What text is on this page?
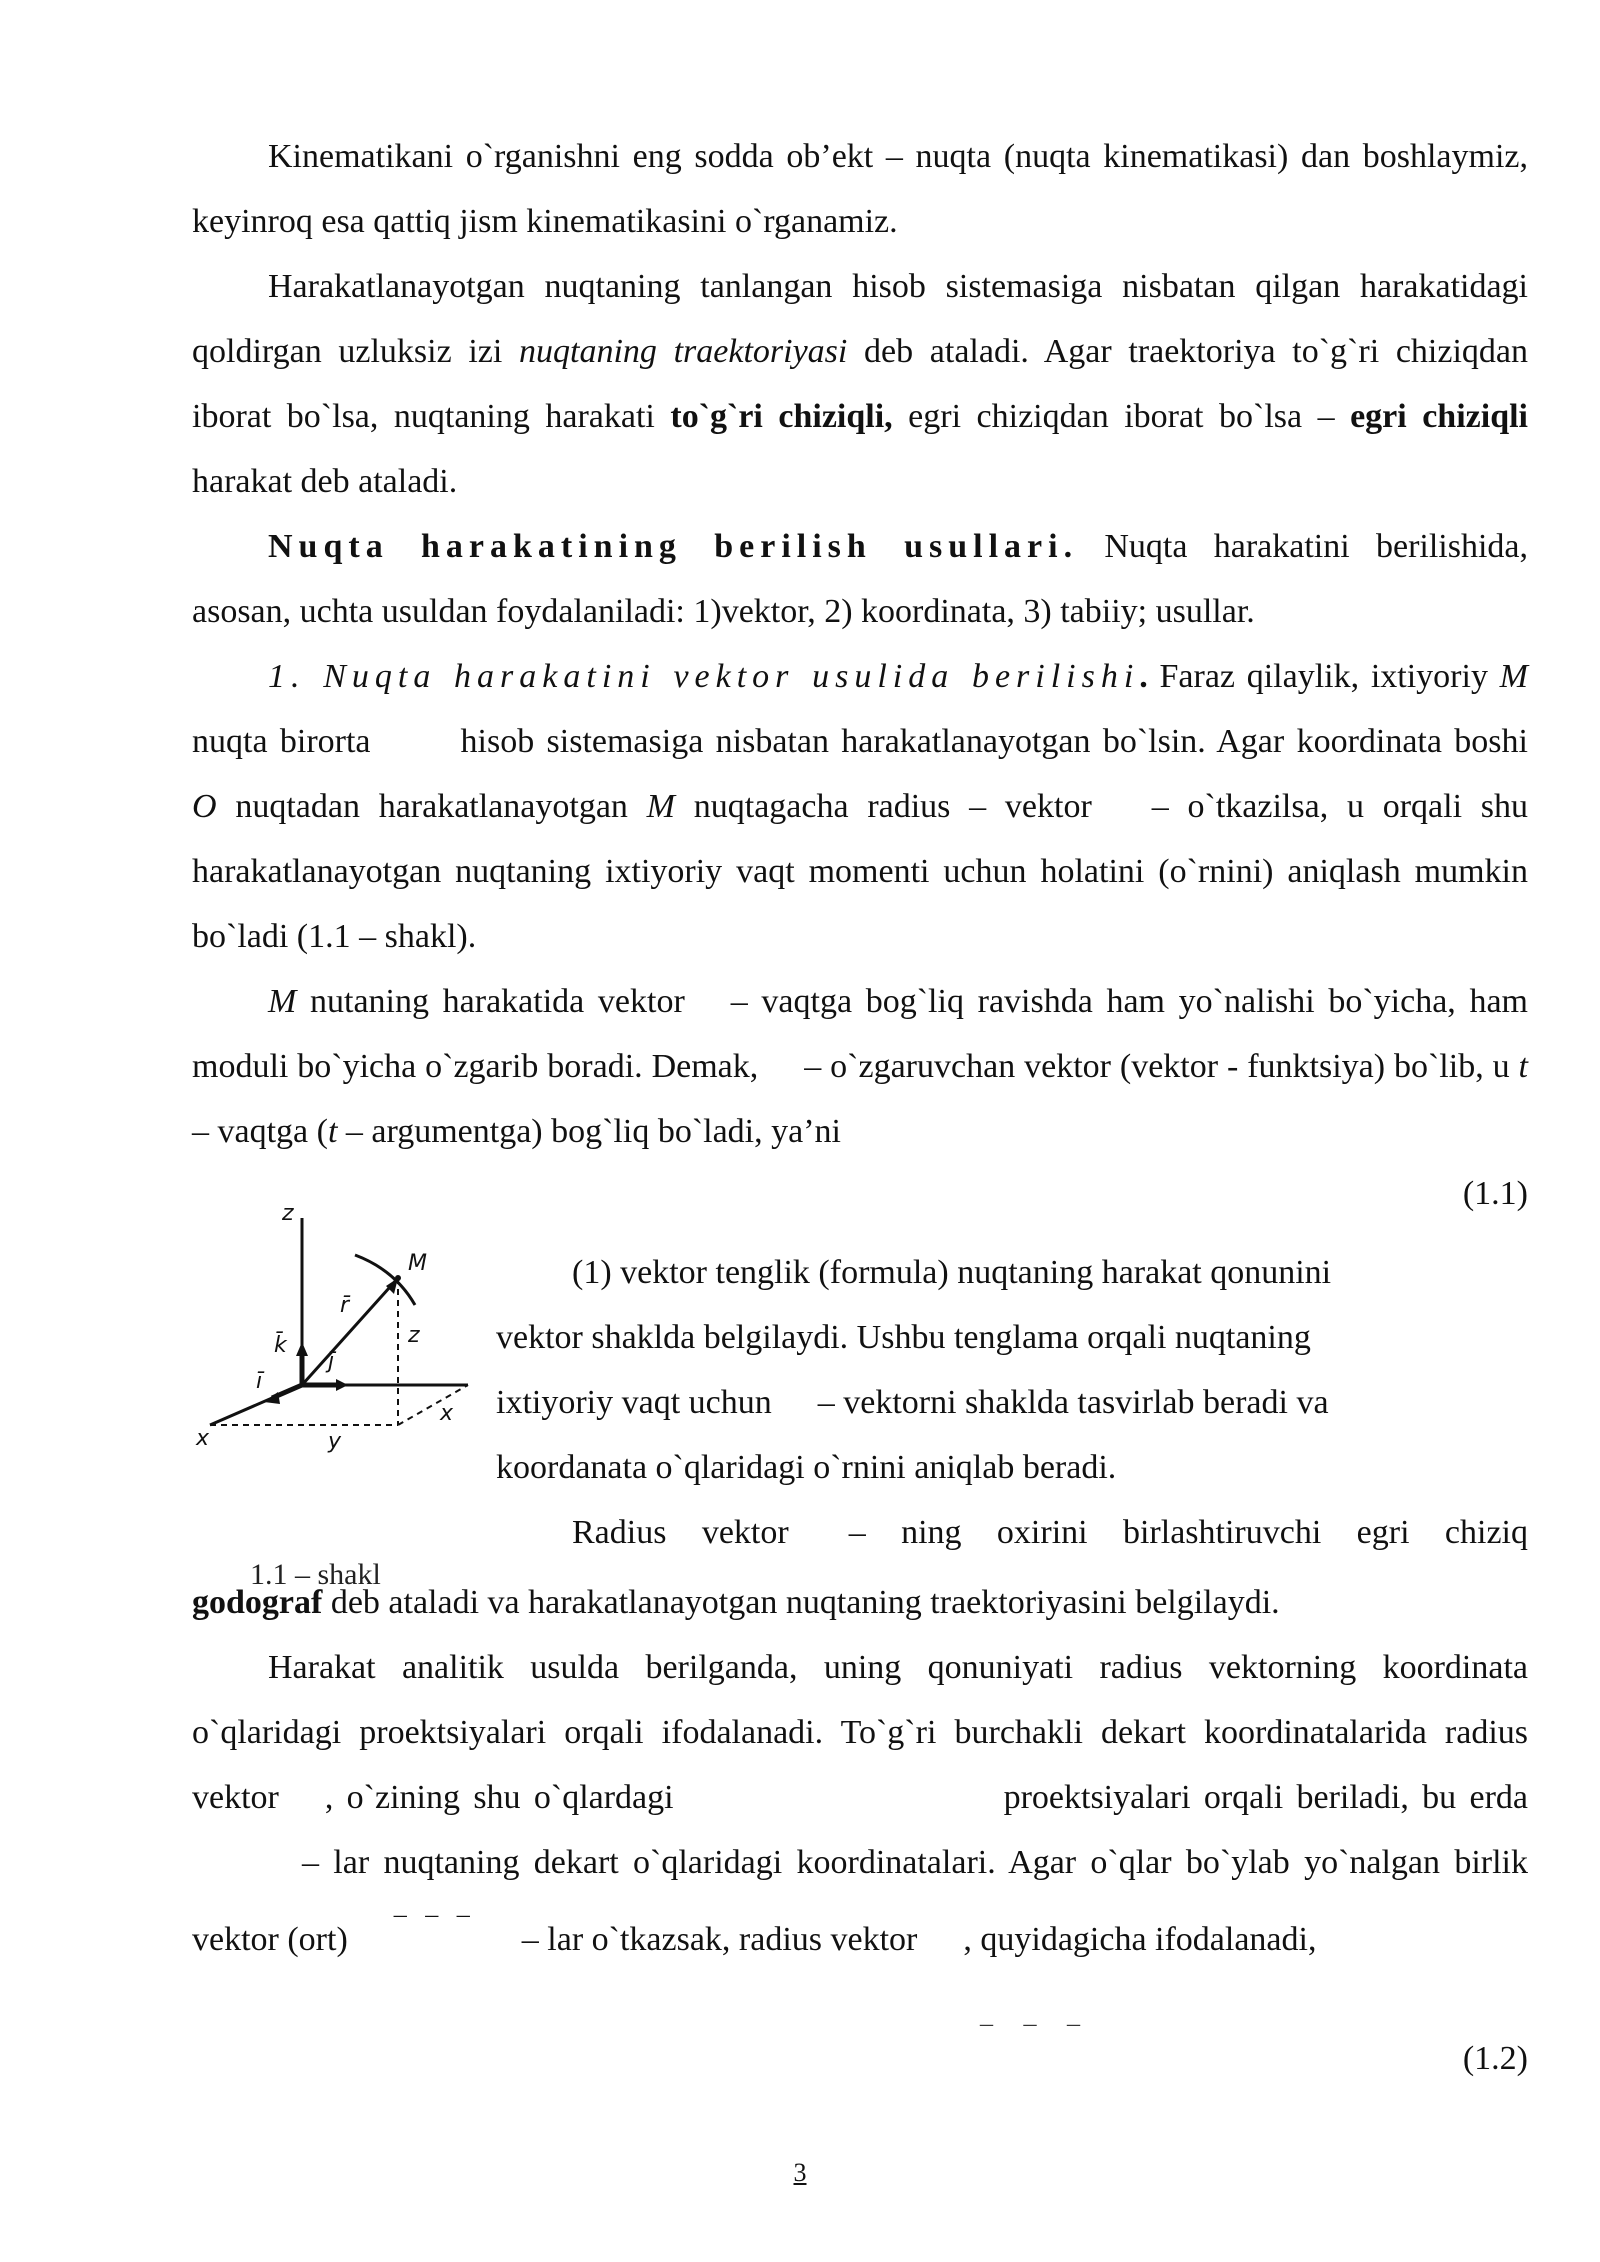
Kinematikani o`rganishni eng sodda ob’ekt – nuqta (nuqta kinematikasi) dan boshlaymiz, keyinroq esa qattiq jism kinematikasini o`rganamiz.

Harakatlanayotgan nuqtaning tanlangan hisob sistemasiga nisbatan qilgan harakatidagi qoldirgan uzluksiz izi nuqtaning traektoriyasi deb ataladi. Agar traektoriya to`g`ri chiziqdan iborat bo`lsa, nuqtaning harakati to`g`ri chiziqli, egri chiziqdan iborat bo`lsa – egri chiziqli harakat deb ataladi.

Nuqta harakatining berilish usullari. Nuqta harakatini berilishida, asosan, uchta usuldan foydalaniladi: 1)vektor, 2) koordinata, 3) tabiiy; usullar.

1. Nuqta harakatini vektor usulida berilishi. Faraz qilaylik, ixtiyoriy M nuqta birorta	hisob sistemasiga nisbatan harakatlanayotgan bo`lsin. Agar koordinata boshi O nuqtadan harakatlanayotgan M nuqtagacha radius – vektor – o`tkazilsa, u orqali shu harakatlanayotgan nuqtaning ixtiyoriy vaqt momenti uchun holatini (o`rnini) aniqlash mumkin bo`ladi (1.1 – shakl).

M nutaning harakatida vektor – vaqtga bog`liq ravishda ham yo`nalishi bo`yicha, ham moduli bo`yicha o`zgarib boradi. Demak, – o`zgaruvchan vektor (vektor - funktsiya) bo`lib, u t – vaqtga (t – argumentga) bog`liq bo`ladi, ya’ni

(1.1)
z
M
r̄
k̄
ī
j̄
z
x	y
x
1.1 – shakl
(1) vektor tenglik (formula) nuqtaning harakat qonunini
vektor shaklda belgilaydi. Ushbu tenglama orqali nuqtaning
ixtiyoriy vaqt uchun – vektorni shaklda tasvirlab beradi va
koordanata o`qlaridagi o`rnini aniqlab beradi.
Radius vektor – ning oxirini birlashtiruvchi egri chiziq

godograf deb ataladi va harakatlanayotgan nuqtaning traektoriyasini belgilaydi.

Harakat analitik usulda berilganda, uning qonuniyati radius vektorning koordinata o`qlaridagi proektsiyalari orqali ifodalanadi. To`g`ri burchakli dekart koordinatalarida radius vektor , o`zining shu o`qlardagi	proektsiyalari orqali beriladi, bu erda– lar nuqtaning dekart o`qlaridagi koordinatalari. Agar o`qlar bo`ylab yo`nalgan birlik vektor (ort) ¯ ¯ ¯ – lar o`tkazsak, radius vektor , quyidagicha ifodalanadi,

¯ ¯ ¯
(1.2)
3
